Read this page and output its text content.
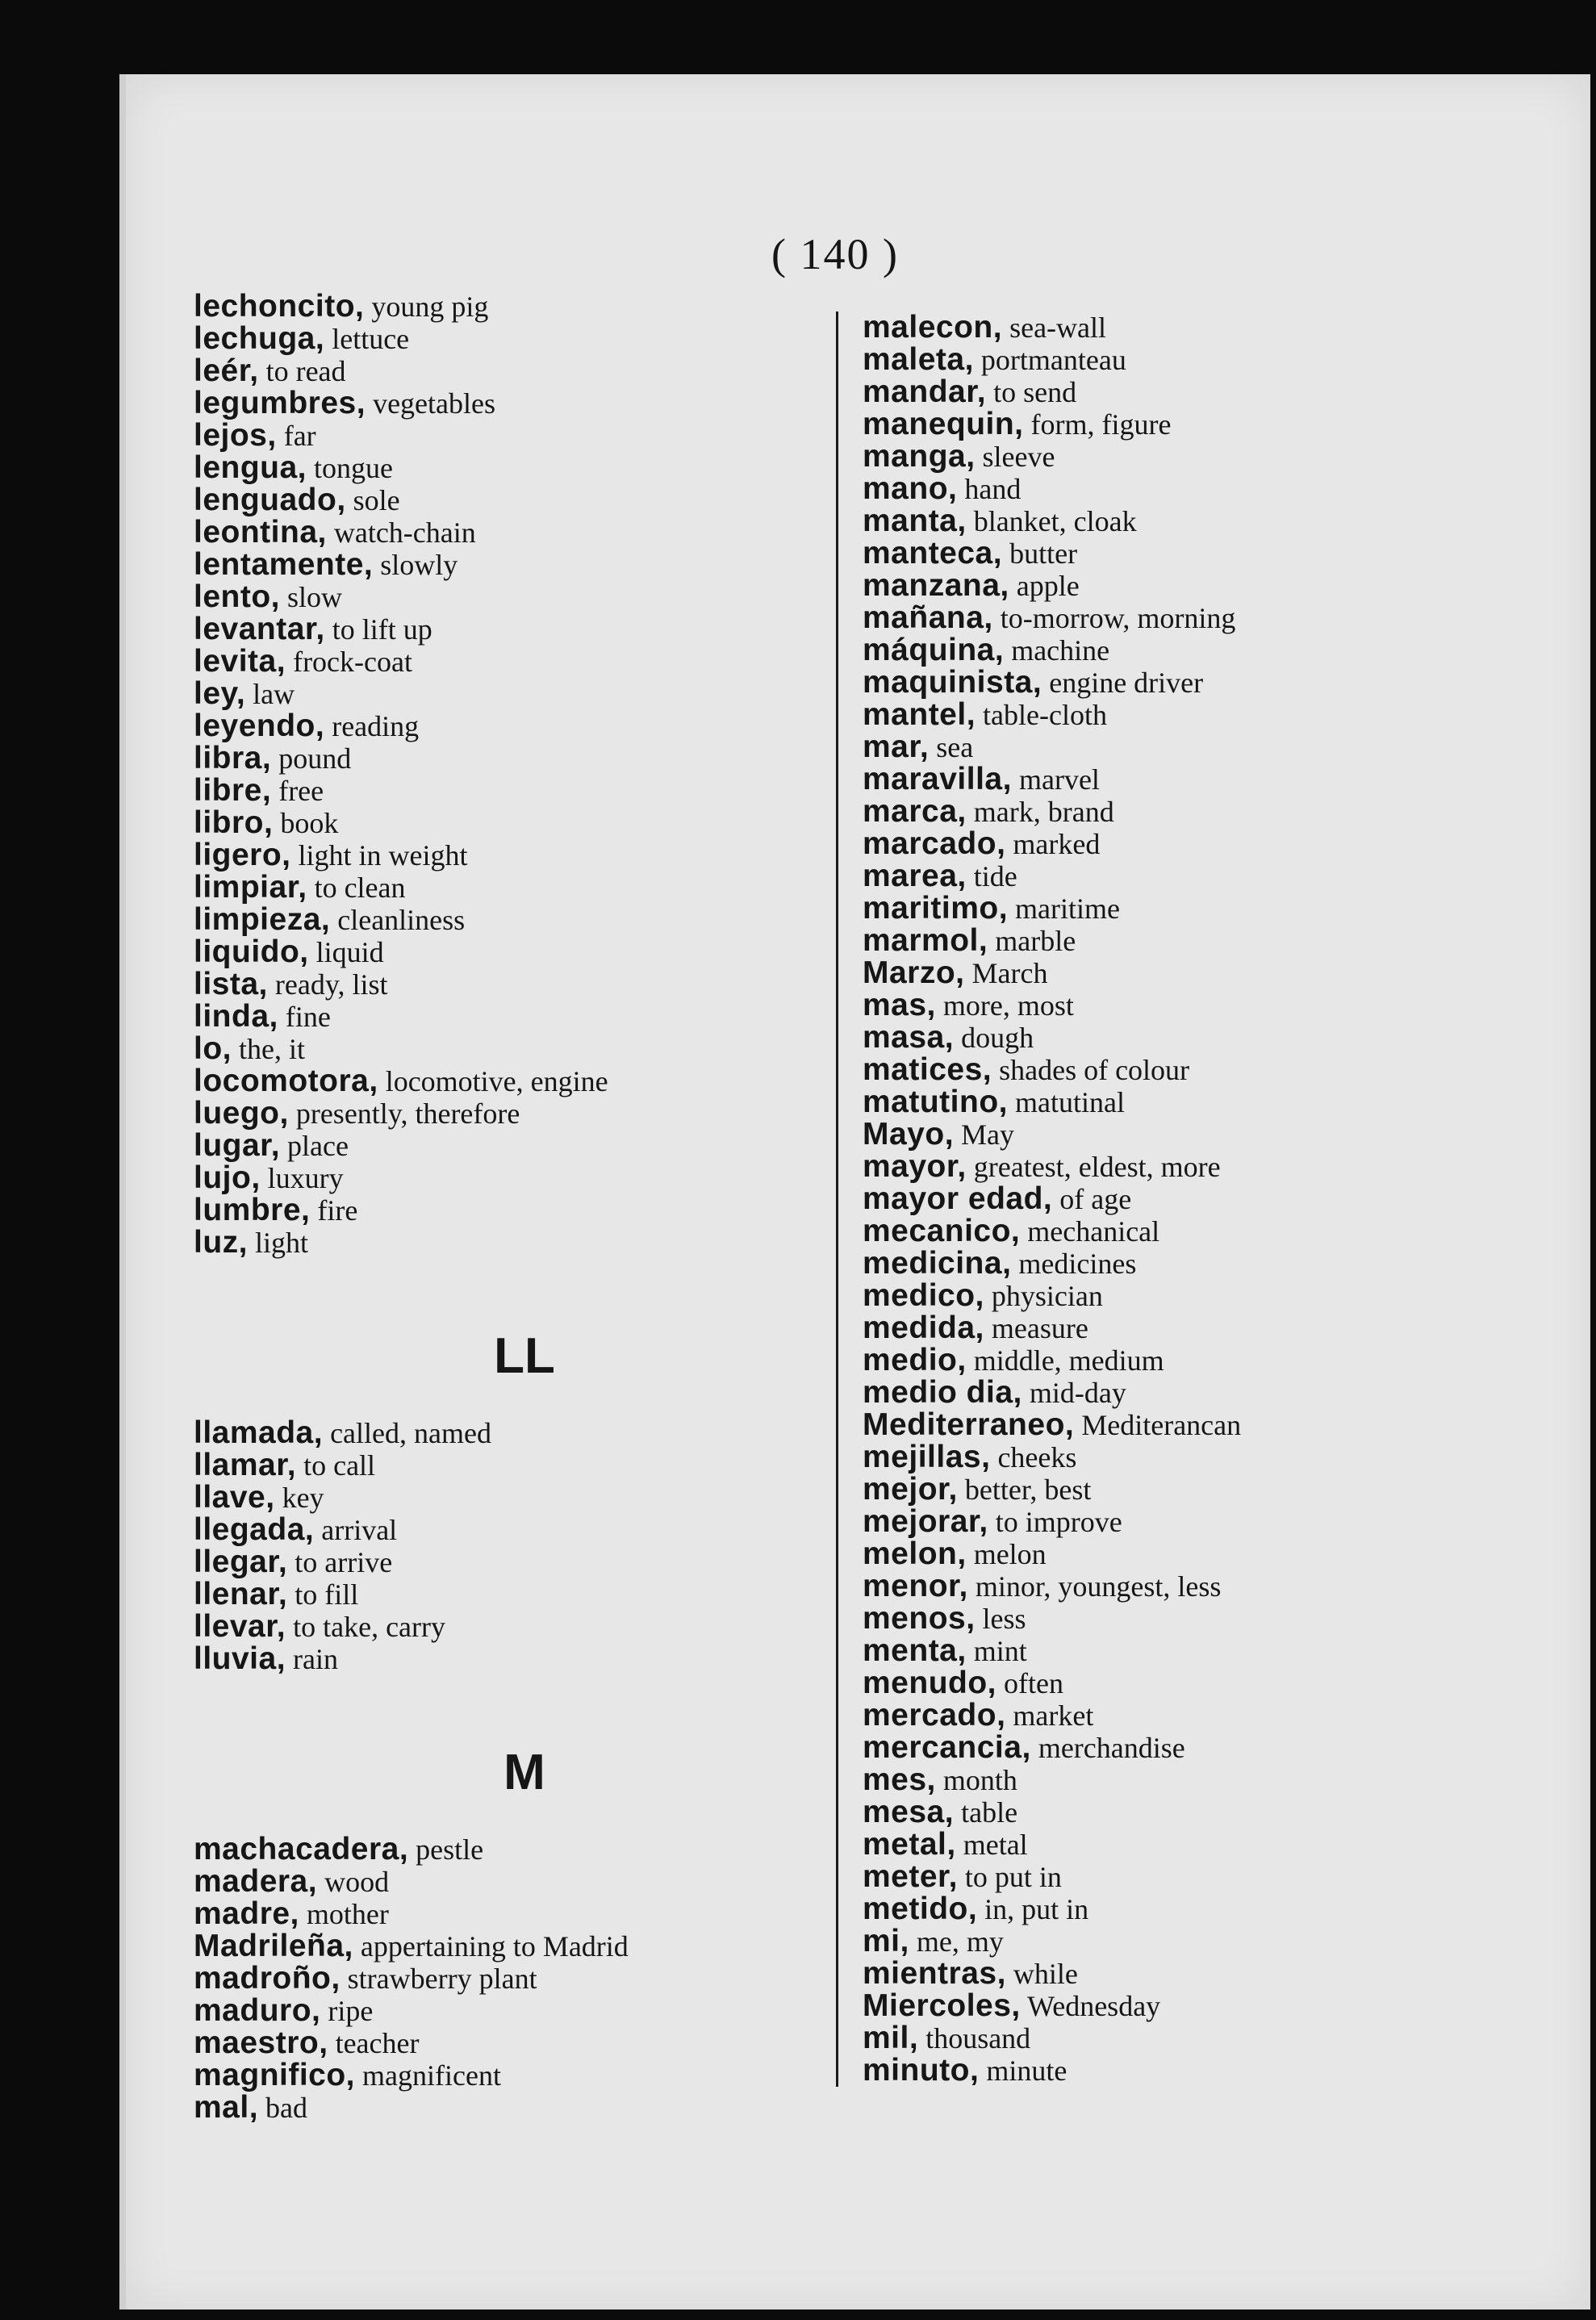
( 140 )
lechoncito, young pig
lechuga, lettuce
leér, to read
legumbres, vegetables
lejos, far
lengua, tongue
lenguado, sole
leontina, watch-chain
lentamente, slowly
lento, slow
levantar, to lift up
levita, frock-coat
ley, law
leyendo, reading
libra, pound
libre, free
libro, book
ligero, light in weight
limpiar, to clean
limpieza, cleanliness
liquido, liquid
lista, ready, list
linda, fine
lo, the, it
locomotora, locomotive, engine
luego, presently, therefore
lugar, place
lujo, luxury
lumbre, fire
luz, light
LL
llamada, called, named
llamar, to call
llave, key
llegada, arrival
llegar, to arrive
llenar, to fill
llevar, to take, carry
lluvia, rain
M
machacadera, pestle
madera, wood
madre, mother
Madrileña, appertaining to Madrid
madroño, strawberry plant
maduro, ripe
maestro, teacher
magnifico, magnificent
mal, bad
malecon, sea-wall
maleta, portmanteau
mandar, to send
manequin, form, figure
manga, sleeve
mano, hand
manta, blanket, cloak
manteca, butter
manzana, apple
mañana, to-morrow, morning
máquina, machine
maquinista, engine driver
mantel, table-cloth
mar, sea
maravilla, marvel
marca, mark, brand
marcado, marked
marea, tide
maritimo, maritime
marmol, marble
Marzo, March
mas, more, most
masa, dough
matices, shades of colour
matutino, matutinal
Mayo, May
mayor, greatest, eldest, more
mayor edad, of age
mecanico, mechanical
medicina, medicines
medico, physician
medida, measure
medio, middle, medium
medio dia, mid-day
Mediterraneo, Mediterancan
mejillas, cheeks
mejor, better, best
mejorar, to improve
melon, melon
menor, minor, youngest, less
menos, less
menta, mint
menudo, often
mercado, market
mercancia, merchandise
mes, month
mesa, table
metal, metal
meter, to put in
metido, in, put in
mi, me, my
mientras, while
Miercoles, Wednesday
mil, thousand
minuto, minute
